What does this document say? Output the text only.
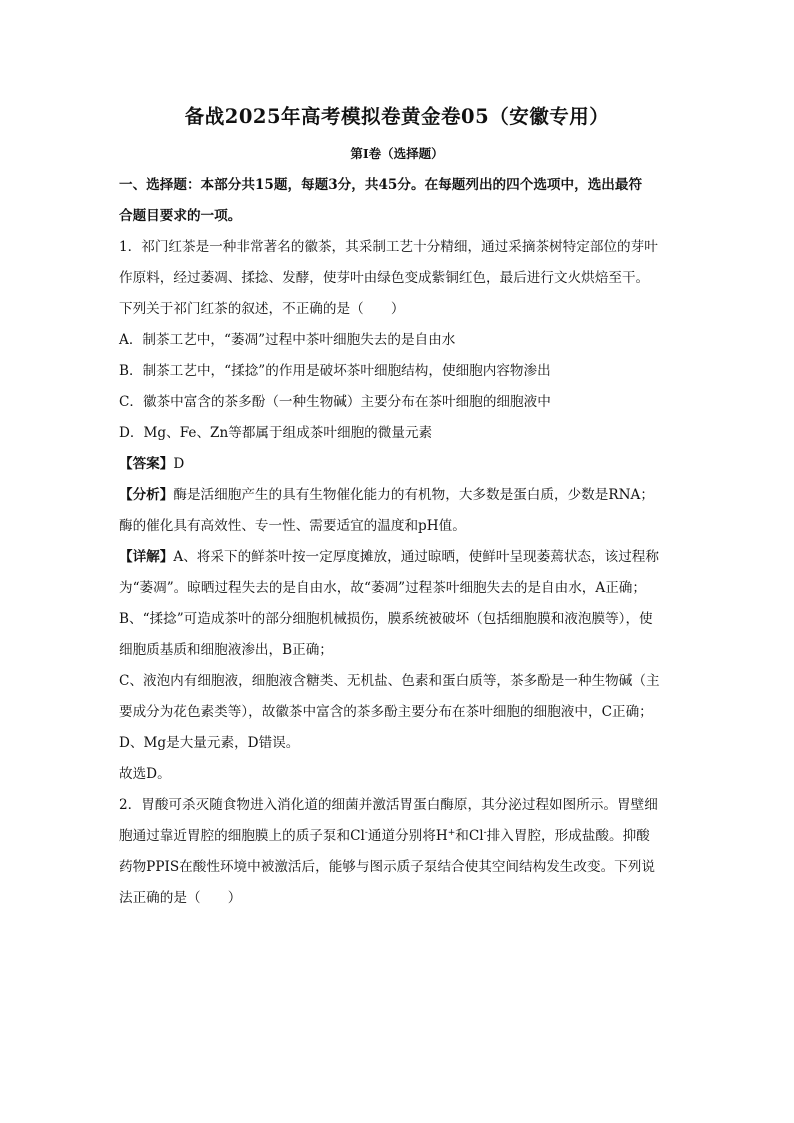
备战2025年高考模拟卷黄金卷05（安徽专用）
第I卷（选择题）

一、选择题：本部分共15题，每题3分，共45分。在每题列出的四个选项中，选出最符

合题目要求的一项。

1．祁门红茶是一种非常著名的徽茶，其采制工艺十分精细，通过采摘茶树特定部位的芽叶

作原料，经过萎凋、揉捻、发酵，使芽叶由绿色变成紫铜红色，最后进行文火烘焙至干。

下列关于祁门红茶的叙述，不正确的是（　　）

A．制茶工艺中，“萎凋”过程中茶叶细胞失去的是自由水

B．制茶工艺中，“揉捻”的作用是破坏茶叶细胞结构，使细胞内容物渗出

C．徽茶中富含的茶多酚（一种生物碱）主要分布在茶叶细胞的细胞液中

D．Mg、Fe、Zn等都属于组成茶叶细胞的微量元素

【答案】D

【分析】酶是活细胞产生的具有生物催化能力的有机物，大多数是蛋白质，少数是RNA；

酶的催化具有高效性、专一性、需要适宜的温度和pH值。

【详解】A、将采下的鲜茶叶按一定厚度摊放，通过晾晒，使鲜叶呈现萎蔫状态，该过程称

为“萎凋”。晾晒过程失去的是自由水，故“萎凋”过程茶叶细胞失去的是自由水，A正确；

B、“揉捻”可造成茶叶的部分细胞机械损伤，膜系统被破坏（包括细胞膜和液泡膜等），使

细胞质基质和细胞液渗出，B正确；

C、液泡内有细胞液，细胞液含糖类、无机盐、色素和蛋白质等，茶多酚是一种生物碱（主

要成分为花色素类等），故徽茶中富含的茶多酚主要分布在茶叶细胞的细胞液中，C正确；

D、Mg是大量元素，D错误。

故选D。

2．胃酸可杀灭随食物进入消化道的细菌并激活胃蛋白酶原，其分泌过程如图所示。胃壁细

胞通过靠近胃腔的细胞膜上的质子泵和Cl-通道分别将H+和Cl-排入胃腔，形成盐酸。抑酸

药物PPIS在酸性环境中被激活后，能够与图示质子泵结合使其空间结构发生改变。下列说

法正确的是（　　）
